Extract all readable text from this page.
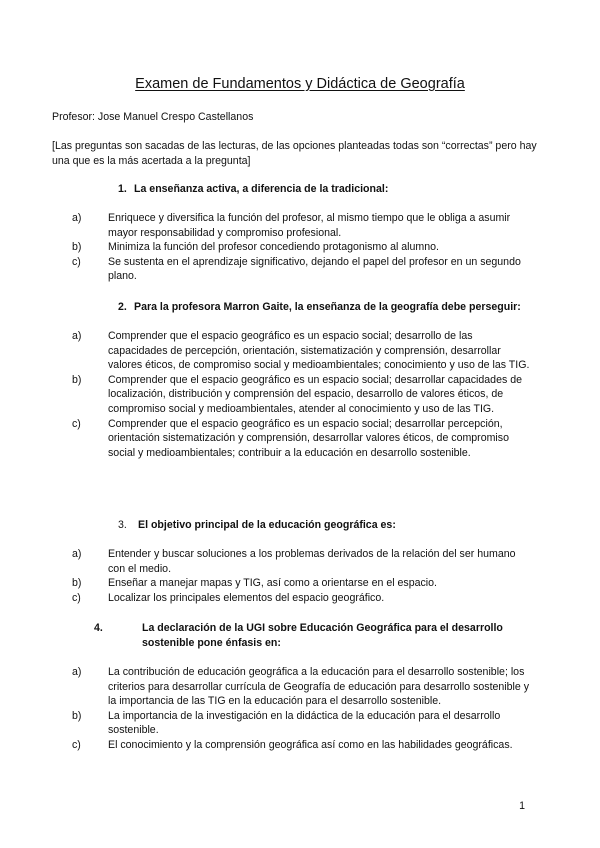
Examen de Fundamentos y Didáctica de Geografía
Profesor: Jose Manuel Crespo Castellanos
[Las preguntas son sacadas de las lecturas, de las opciones planteadas todas son “correctas” pero hay una que es la más acertada a la pregunta]

1. La enseñanza activa, a diferencia de la tradicional:

a)	Enriquece y diversifica la función del profesor, al mismo tiempo que le obliga a asumir mayor responsabilidad y compromiso profesional.
b)	Minimiza la función del profesor concediendo protagonismo al alumno.
c)	Se sustenta en el aprendizaje significativo, dejando el papel del profesor en un segundo plano.

2. Para la profesora Marron Gaite, la enseñanza de la geografía debe perseguir:

a)	Comprender que el espacio geográfico es un espacio social; desarrollo de las capacidades de percepción, orientación, sistematización y comprensión, desarrollar valores éticos, de compromiso social y medioambientales; conocimiento y uso de las TIG.
b)	Comprender que el espacio geográfico es un espacio social; desarrollar capacidades de localización, distribución y comprensión del espacio, desarrollo de valores éticos, de compromiso social y medioambientales, atender al conocimiento y uso de las TIG.
c)	Comprender que el espacio geográfico es un espacio social; desarrollar percepción, orientación sistematización y comprensión, desarrollar valores éticos, de compromiso social y medioambientales; contribuir a la educación en desarrollo sostenible.

3. El objetivo principal de la educación geográfica es:

a)	Entender y buscar soluciones a los problemas derivados de la relación del ser humano con el medio.
b)	Enseñar a manejar mapas y TIG, así como a orientarse en el espacio.
c)	Localizar los principales elementos del espacio geográfico.

4.	La declaración de la UGI sobre Educación Geográfica para el desarrollo sostenible pone énfasis en:

a)	La contribución de educación geográfica a la educación para el desarrollo sostenible; los criterios para desarrollar currícula de Geografía de educación para desarrollo sostenible y la importancia de las TIG en la educación para el desarrollo sostenible.
b)	La importancia de la investigación en la didáctica de la educación para el desarrollo sostenible.
c)	El conocimiento y la comprensión geográfica así como en las habilidades geográficas.
1
